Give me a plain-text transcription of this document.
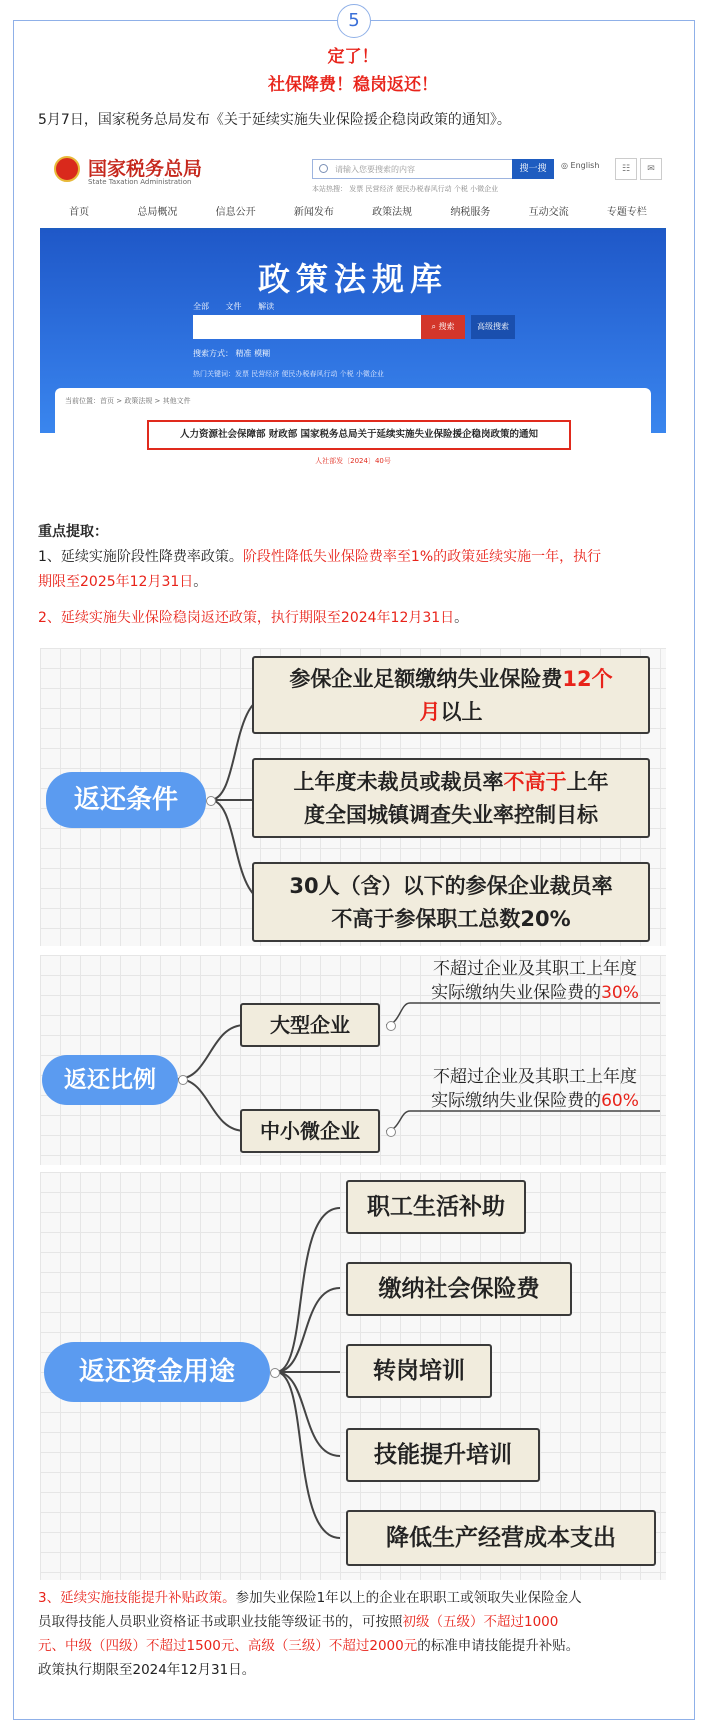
5
定了！
社保降费！稳岗返还！
5月7日，国家税务总局发布《关于延续实施失业保险援企稳岗政策的通知》。
国家税务总局
State Taxation Administration
请输入您要搜索的内容	搜一搜	◎ English	☷	✉
本站热搜： 发票 民营经济 便民办税春风行动 个税 小微企业
首页	总局概况	信息公开	新闻发布	政策法规	纳税服务	互动交流	专题专栏
政策法规库
全部 文件 解读
⌕ 搜索	高级搜索
搜索方式： 精准 模糊
热门关键词：发票 民营经济 便民办税春风行动 个税 小微企业
当前位置：首页 > 政策法规 > 其他文件
人力资源社会保障部 财政部 国家税务总局关于延续实施失业保险援企稳岗政策的通知
人社部发〔2024〕40号
重点提取：
1、延续实施阶段性降费率政策。阶段性降低失业保险费率至1%的政策延续实施一年，执行
期限至2025年12月31日。
2、延续实施失业保险稳岗返还政策，执行期限至2024年12月31日。
返还条件
参保企业足额缴纳失业保险费12个
月以上
上年度未裁员或裁员率不高于上年
度全国城镇调查失业率控制目标
30人（含）以下的参保企业裁员率
不高于参保职工总数20%
返还比例
大型企业
中小微企业
不超过企业及其职工上年度
实际缴纳失业保险费的30%
不超过企业及其职工上年度
实际缴纳失业保险费的60%
返还资金用途
职工生活补助
缴纳社会保险费
转岗培训
技能提升培训
降低生产经营成本支出
3、延续实施技能提升补贴政策。参加失业保险1年以上的企业在职职工或领取失业保险金人
员取得技能人员职业资格证书或职业技能等级证书的，可按照初级（五级）不超过1000
元、中级（四级）不超过1500元、高级（三级）不超过2000元的标准申请技能提升补贴。
政策执行期限至2024年12月31日。
